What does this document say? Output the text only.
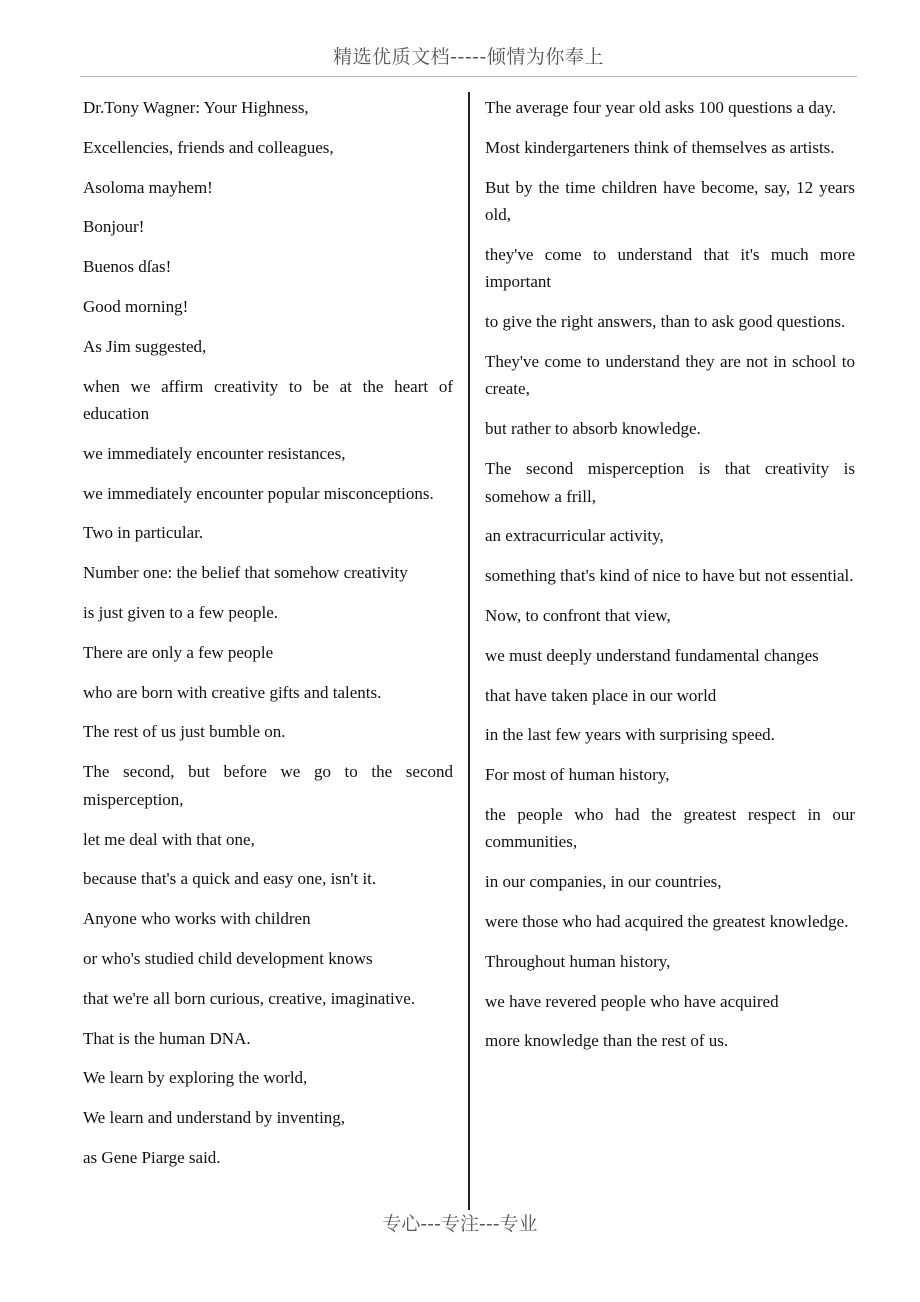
精选优质文档-----倾情为你奉上

Dr.Tony Wagner: Your Highness,

Excellencies, friends and colleagues,

Asoloma mayhem!

Bonjour!

Buenos dſas!

Good morning!

As Jim suggested,

when we affirm creativity to be at the heart of education

we immediately encounter resistances,

we immediately encounter popular misconceptions.

Two in particular.

Number one: the belief that somehow creativity

is just given to a few people.

There are only a few people

who are born with creative gifts and talents.

The rest of us just bumble on.

The second, but before we go to the second misperception,

let me deal with that one,

because that's a quick and easy one, isn't it.

Anyone who works with children

or who's studied child development knows

that we're all born curious, creative, imaginative.

That is the human DNA.

We learn by exploring the world,

We learn and understand by inventing,

as Gene Piarge said.

The average four year old asks 100 questions a day.

Most kindergarteners think of themselves as artists.

But by the time children have become, say, 12 years old,

they've come to understand that it's much more important

to give the right answers, than to ask good questions.

They've come to understand they are not in school to create,

but rather to absorb knowledge.

The second misperception is that creativity is somehow a frill,

an extracurricular activity,

something that's kind of nice to have but not essential.

Now, to confront that view,

we must deeply understand fundamental changes

that have taken place in our world

in the last few years with surprising speed.

For most of human history,

the people who had the greatest respect in our communities,

in our companies, in our countries,

were those who had acquired the greatest knowledge.

Throughout human history,

we have revered people who have acquired

more knowledge than the rest of us.

专心---专注---专业
